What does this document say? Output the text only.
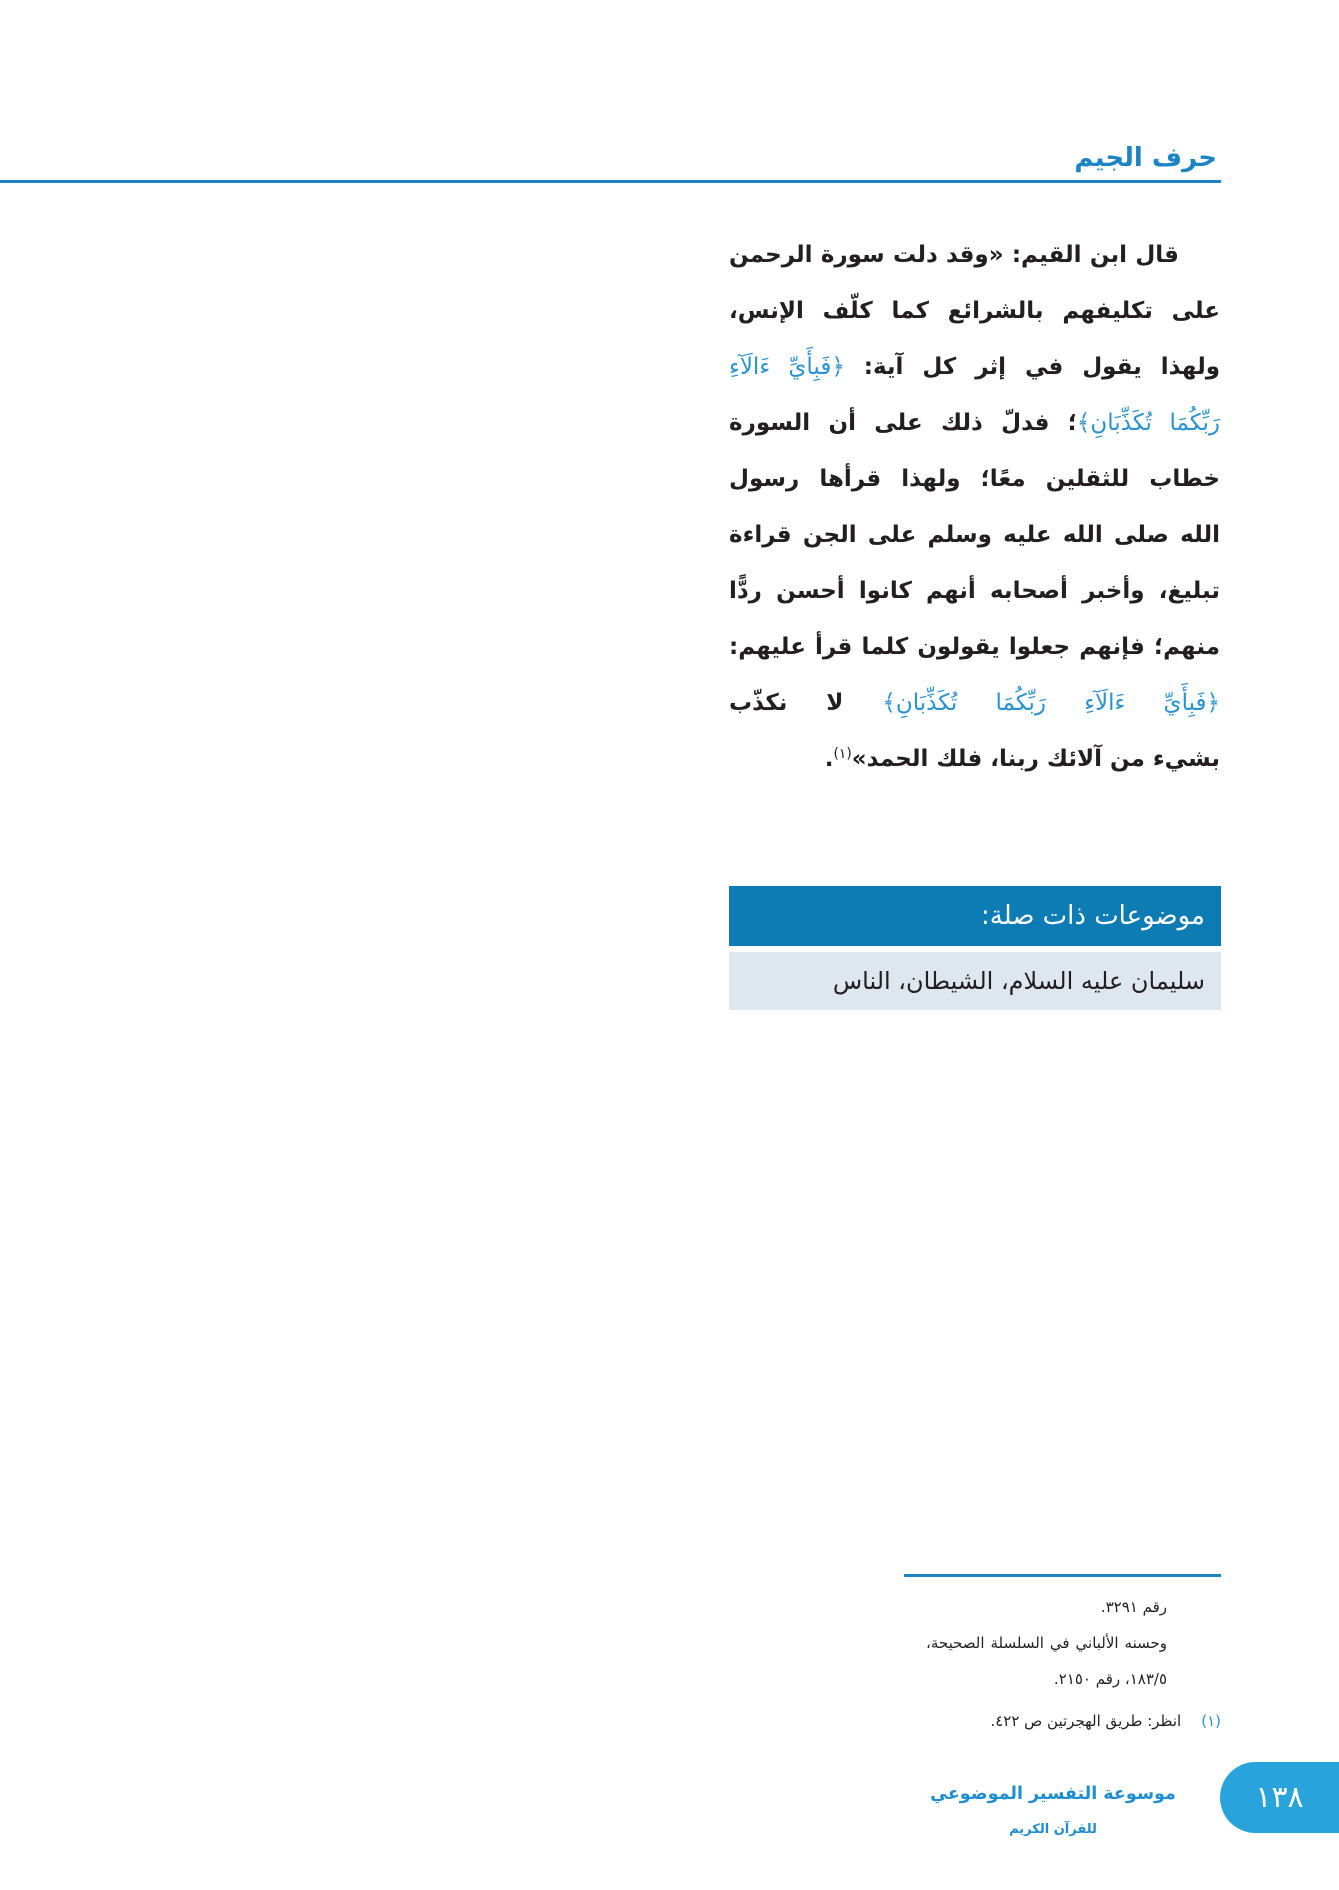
حرف الجيم
قال ابن القيم: «وقد دلت سورة الرحمن
على تكليفهم بالشرائع كما كلّف الإنس،
ولهذا يقول في إثر كل آية: ﴿فَبِأَيِّ ءَالَآءِ
رَبِّكُمَا تُكَذِّبَانِ﴾؛ فدلّ ذلك على أن السورة
خطاب للثقلين معًا؛ ولهذا قرأها رسول
الله صلى الله عليه وسلم على الجن قراءة
تبليغ، وأخبر أصحابه أنهم كانوا أحسن ردًّا
منهم؛ فإنهم جعلوا يقولون كلما قرأ عليهم:
﴿فَبِأَيِّ ءَالَآءِ رَبِّكُمَا تُكَذِّبَانِ﴾ لا نكذّب
بشيء من آلائك ربنا، فلك الحمد»$^{(١)}$.
موضوعات ذات صلة:
سليمان عليه السلام، الشيطان، الناس
رقم ٣٢٩١.
وحسنه الألباني في السلسلة الصحيحة،
١٨٣/٥، رقم ٢١٥٠.
(١)انظر: طريق الهجرتين ص ٤٢٢.
موسوعة التفسير الموضوعي
للقرآن الكريم
١٣٨
